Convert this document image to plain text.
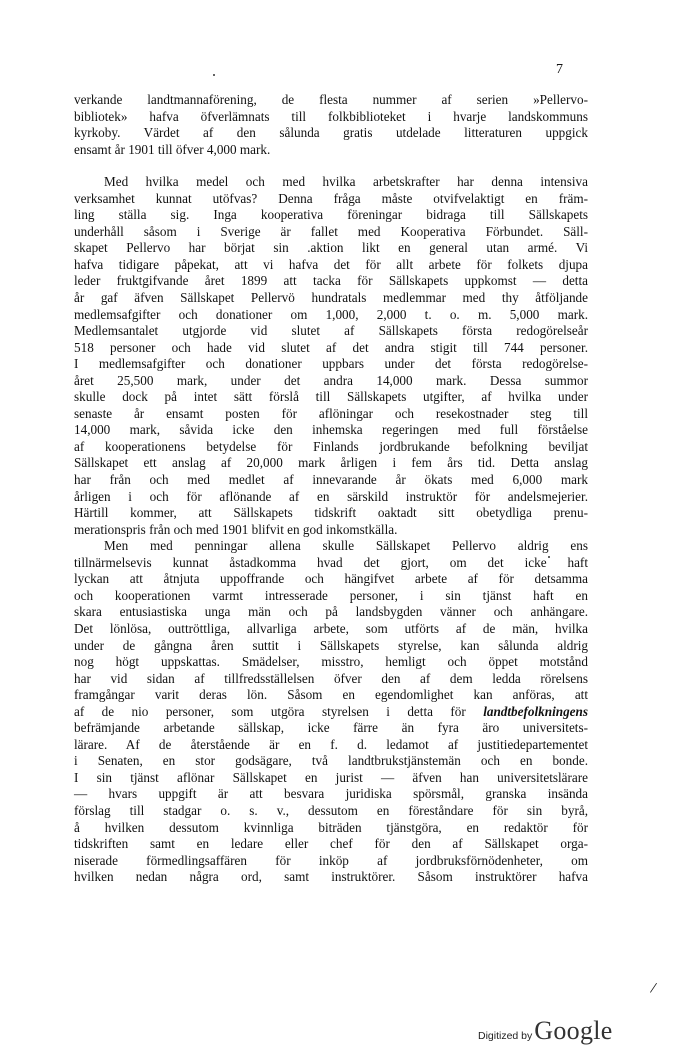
7
verkande landtmannaförening, de flesta nummer af serien »Pellervo-
bibliotek» hafva öfverlämnats till folkbiblioteket i hvarje landskommuns
kyrkoby. Värdet af den sålunda gratis utdelade litteraturen uppgick
ensamt år 1901 till öfver 4,000 mark.
Med hvilka medel och med hvilka arbetskrafter har denna intensiva
verksamhet kunnat utöfvas? Denna fråga måste otvifvelaktigt en främ-
ling ställa sig. Inga kooperativa föreningar bidraga till Sällskapets
underhåll såsom i Sverige är fallet med Kooperativa Förbundet. Säll-
skapet Pellervo har börjat sin .aktion likt en general utan armé. Vi
hafva tidigare påpekat, att vi hafva det för allt arbete för folkets djupa
leder fruktgifvande året 1899 att tacka för Sällskapets uppkomst — detta
år gaf äfven Sällskapet Pellervö hundratals medlemmar med thy åtföljande
medlemsafgifter och donationer om 1,000, 2,000 t. o. m. 5,000 mark.
Medlemsantalet utgjorde vid slutet af Sällskapets första redogörelseår
518 personer och hade vid slutet af det andra stigit till 744 personer.
I medlemsafgifter och donationer uppbars under det första redogörelse-
året 25,500 mark, under det andra 14,000 mark. Dessa summor
skulle dock på intet sätt förslå till Sällskapets utgifter, af hvilka under
senaste år ensamt posten för aflöningar och resekostnader steg till
14,000 mark, såvida icke den inhemska regeringen med full förståelse
af kooperationens betydelse för Finlands jordbrukande befolkning beviljat
Sällskapet ett anslag af 20,000 mark årligen i fem års tid. Detta anslag
har från och med medlet af innevarande år ökats med 6,000 mark
årligen i och för aflönande af en särskild instruktör för andelsmejerier.
Härtill kommer, att Sällskapets tidskrift oaktadt sitt obetydliga prenu-
merationspris från och med 1901 blifvit en god inkomstkälla.
Men med penningar allena skulle Sällskapet Pellervo aldrig ens
tillnärmelsevis kunnat åstadkomma hvad det gjort, om det icke haft
lyckan att åtnjuta uppoffrande och hängifvet arbete af för detsamma
och kooperationen varmt intresserade personer, i sin tjänst haft en
skara entusiastiska unga män och på landsbygden vänner och anhängare.
Det lönlösa, outtröttliga, allvarliga arbete, som utförts af de män, hvilka
under de gångna åren suttit i Sällskapets styrelse, kan sålunda aldrig
nog högt uppskattas. Smädelser, misstro, hemligt och öppet motstånd
har vid sidan af tillfredsställelsen öfver den af dem ledda rörelsens
framgångar varit deras lön. Såsom en egendomlighet kan anföras, att
af de nio personer, som utgöra styrelsen i detta för landtbefolkningens
befrämjande arbetande sällskap, icke färre än fyra äro universitets-
lärare. Af de återstående är en f. d. ledamot af justitiedepartementet
i Senaten, en stor godsägare, två landtbrukstjänstemän och en bonde.
I sin tjänst aflönar Sällskapet en jurist — äfven han universitetslärare
— hvars uppgift är att besvara juridiska spörsmål, granska insända
förslag till stadgar o. s. v., dessutom en föreståndare för sin byrå,
å hvilken dessutom kvinnliga biträden tjänstgöra, en redaktör för
tidskriften samt en ledare eller chef för den af Sällskapet orga-
niserade förmedlingsaffären för inköp af jordbruksförnödenheter, om
hvilken nedan några ord, samt instruktörer. Såsom instruktörer hafva
/
Digitized by Google
